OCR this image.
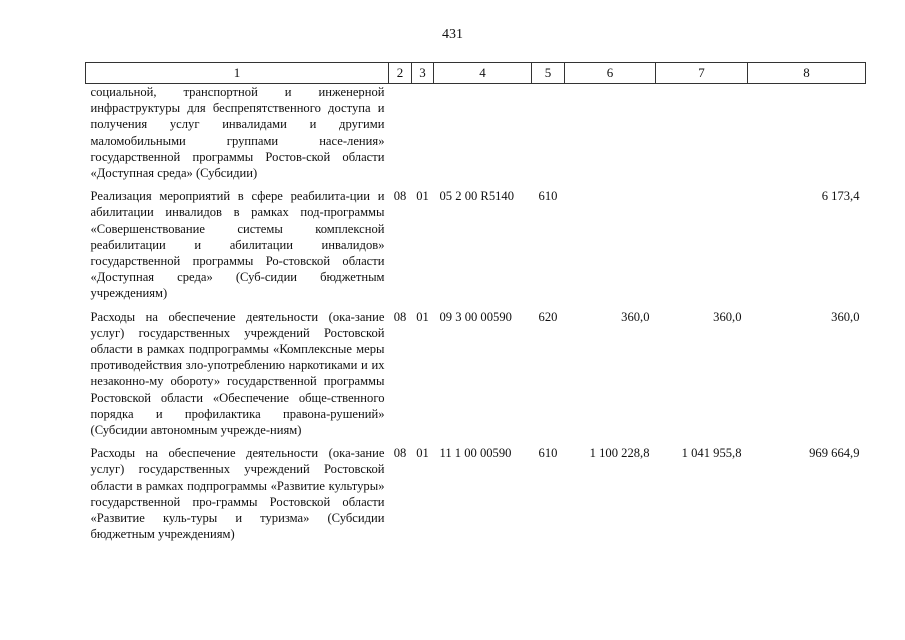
431
1	2	3	4	5	6	7	8
социальной, транспортной и инженерной инфраструктуры для беспрепятственного доступа и получения услуг инвалидами и другими маломобильными группами насе-ления» государственной программы Ростов-ской области «Доступная среда» (Субсидии)							
Реализация мероприятий в сфере реабилита-ции и абилитации инвалидов в рамках под-программы «Совершенствование системы комплексной реабилитации и абилитации инвалидов» государственной программы Ро-стовской области «Доступная среда» (Суб-сидии бюджетным учреждениям)	08	01	05 2 00 R5140	610			6 173,4
Расходы на обеспечение деятельности (ока-зание услуг) государственных учреждений Ростовской области в рамках подпрограммы «Комплексные меры противодействия зло-употреблению наркотиками и их незаконно-му обороту» государственной программы Ростовской области «Обеспечение обще-ственного порядка и профилактика правона-рушений» (Субсидии автономным учрежде-ниям)	08	01	09 3 00 00590	620	360,0	360,0	360,0
Расходы на обеспечение деятельности (ока-зание услуг) государственных учреждений Ростовской области в рамках подпрограммы «Развитие культуры» государственной про-граммы Ростовской области «Развитие куль-туры и туризма» (Субсидии бюджетным учреждениям)	08	01	11 1 00 00590	610	1 100 228,8	1 041 955,8	969 664,9
